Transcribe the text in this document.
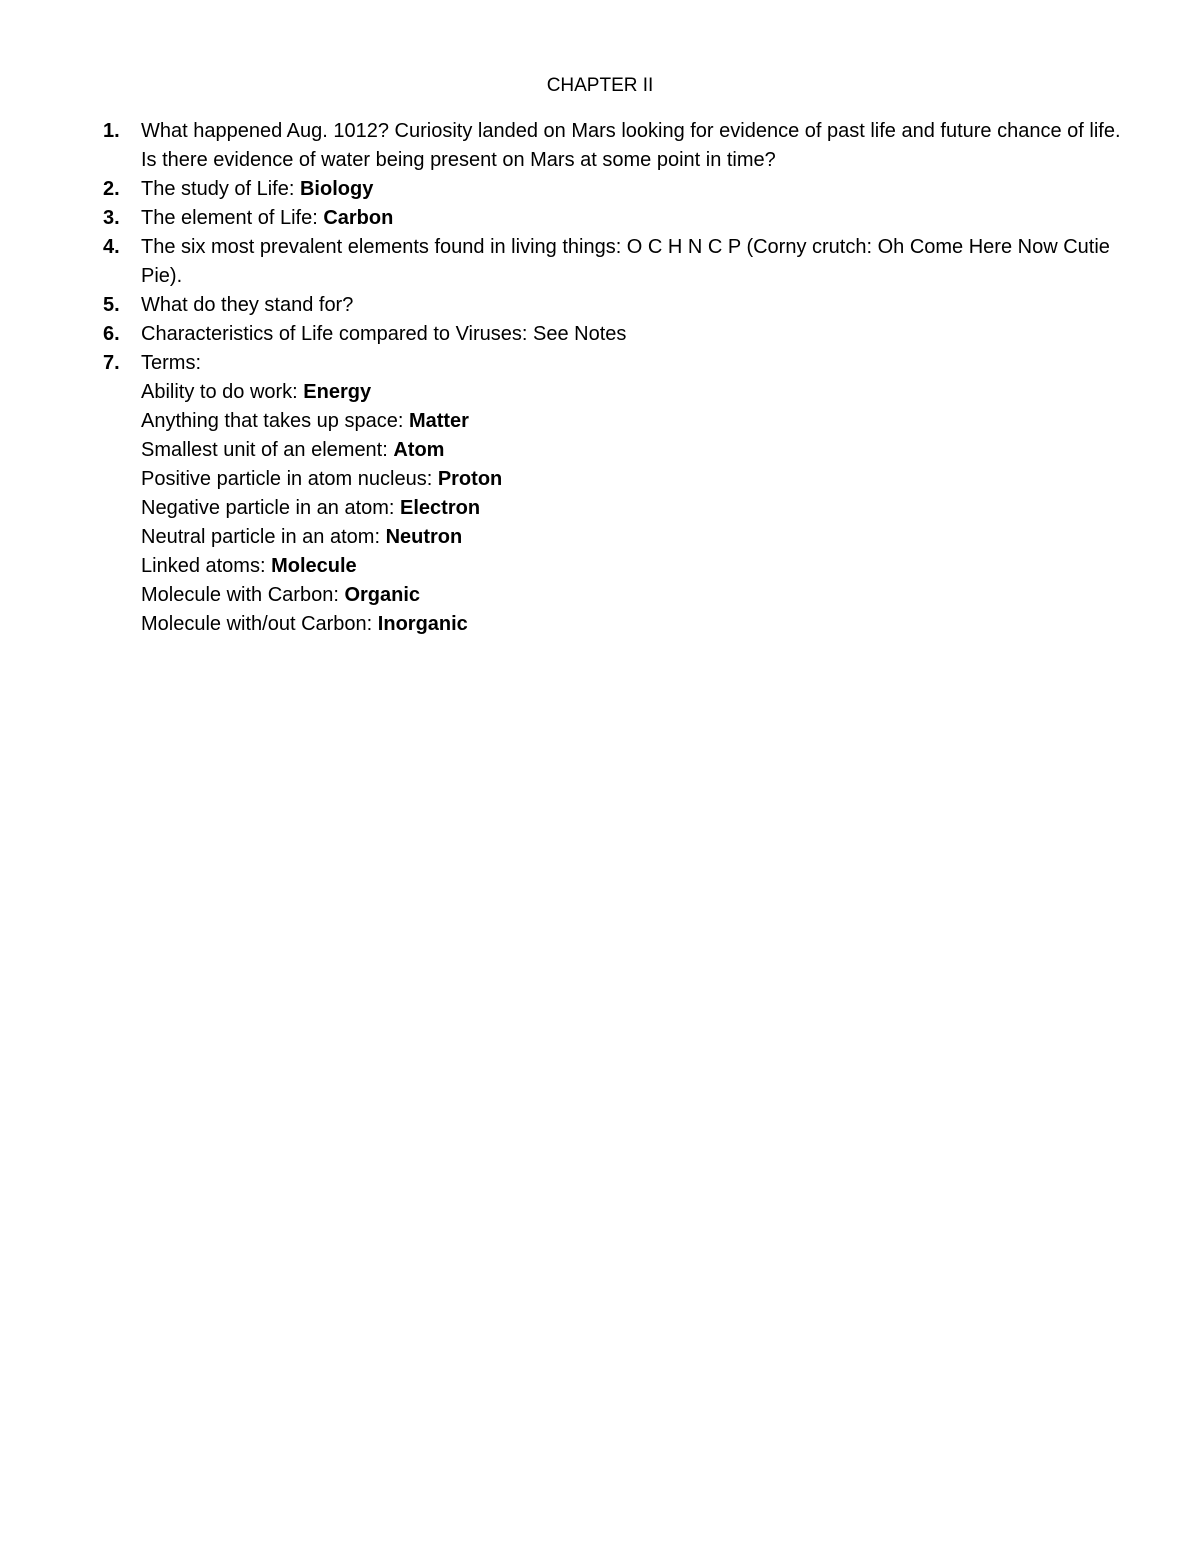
CHAPTER II
1. What happened Aug. 1012? Curiosity landed on Mars looking for evidence of past life and future chance of life. Is there evidence of water being present on Mars at some point in time?
2. The study of Life: Biology
3. The element of Life: Carbon
4. The six most prevalent elements found in living things: O C H N C P (Corny crutch: Oh Come Here Now Cutie Pie).
5. What do they stand for?
6. Characteristics of Life compared to Viruses: See Notes
7. Terms:
Ability to do work: Energy
Anything that takes up space: Matter
Smallest unit of an element: Atom
Positive particle in atom nucleus: Proton
Negative particle in an atom: Electron
Neutral particle in an atom: Neutron
Linked atoms: Molecule
Molecule with Carbon: Organic
Molecule with/out Carbon: Inorganic
